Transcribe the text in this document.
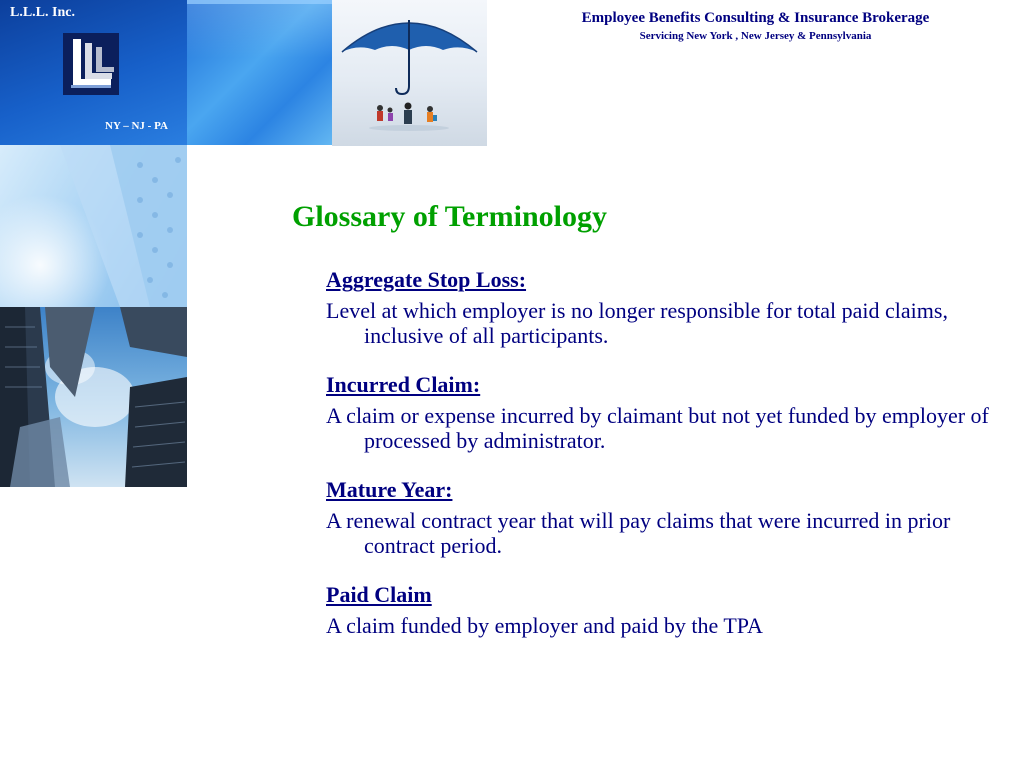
L.L.L. Inc.
NY – NJ - PA
Employee Benefits Consulting & Insurance Brokerage
Servicing New York , New Jersey & Pennsylvania
Glossary of Terminology
Aggregate Stop Loss:
Level at which employer is no longer responsible for total paid claims, inclusive of all participants.
Incurred Claim:
A claim or expense incurred by claimant but not yet funded by employer of processed by administrator.
Mature Year:
A renewal contract year that will pay claims that were incurred in prior contract period.
Paid Claim
A claim funded by employer and paid by the TPA
